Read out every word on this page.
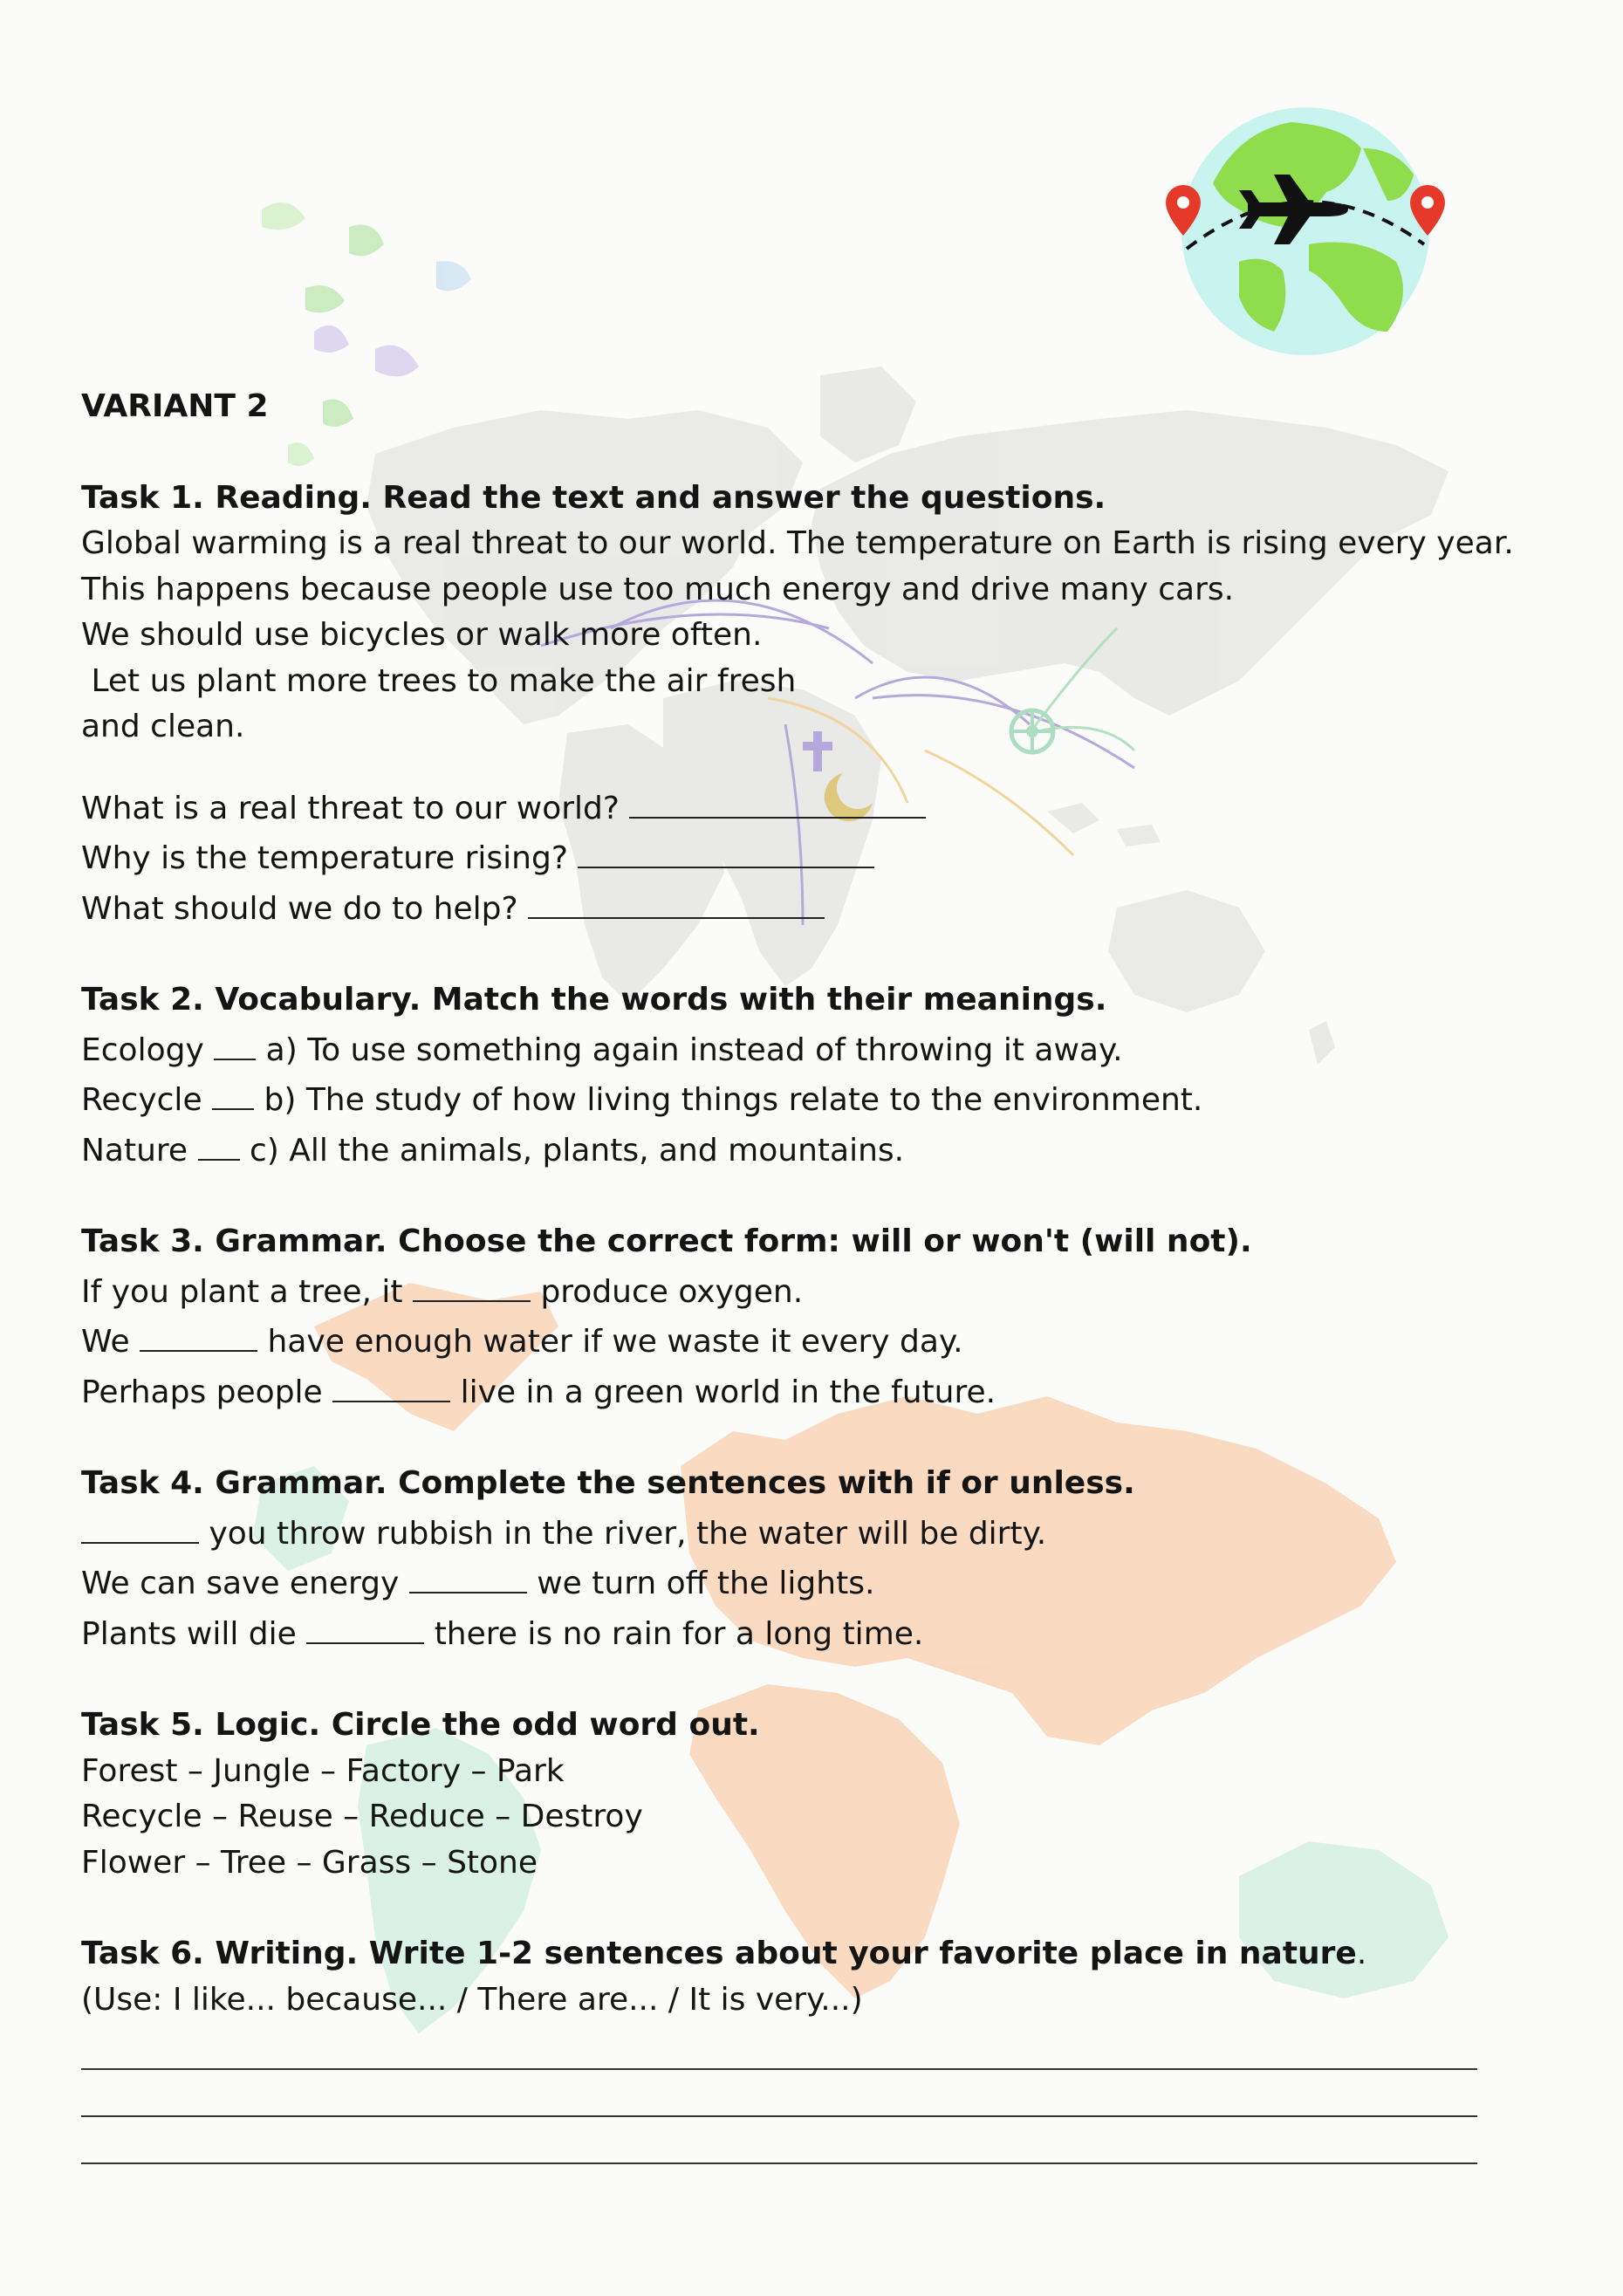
VARIANT 2
Task 1. Reading. Read the text and answer the questions.
Global warming is a real threat to our world. The temperature on Earth is rising every year.
This happens because people use too much energy and drive many cars.
We should use bicycles or walk more often.
Let us plant more trees to make the air fresh
and clean.
What is a real threat to our world?
Why is the temperature rising?
What should we do to help?
Task 2. Vocabulary. Match the words with their meanings.
Ecology  a) To use something again instead of throwing it away.
Recycle  b) The study of how living things relate to the environment.
Nature  c) All the animals, plants, and mountains.
Task 3. Grammar. Choose the correct form: will or won't (will not).
If you plant a tree, it	produce oxygen.
We	have enough water if we waste it every day.
Perhaps people	live in a green world in the future.
Task 4. Grammar. Complete the sentences with if or unless.
you throw rubbish in the river, the water will be dirty.
We can save energy	we turn off the lights.
Plants will die	there is no rain for a long time.
Task 5. Logic. Circle the odd word out.
Forest – Jungle – Factory – Park
Recycle – Reuse – Reduce – Destroy
Flower – Tree – Grass – Stone
Task 6. Writing. Write 1-2 sentences about your favorite place in nature.
(Use: I like... because... / There are... / It is very...)
